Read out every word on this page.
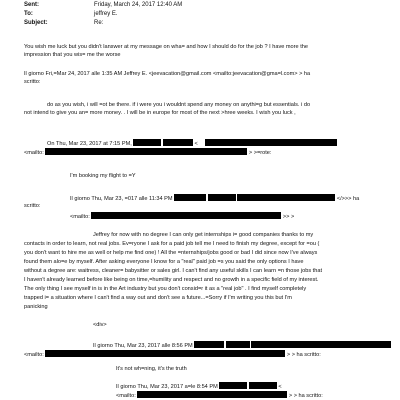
Sent:	Friday, March 24, 2017 12:40 AM
To:	jeffrey E.
Subject:	Re:
You wish me luck but you didn't lanswer at my message on wha= and how I should do for the job ? I have more the
impression that you wis= me the worse
Il giorno Fri,=Mar 24, 2017 alle 1:35 AM Jeffrey E. <jeevacation@gmail.com <mailto:jeevacation@gma=l.com> > ha
scritto:
do as you wish, i will =ot be there. if i were you i wouldnt spend any money on anythi=g but essentials. i do
not intend to give you an= more money. . I will be in europe for most of the next >hree weeks. I wish you luck ,
On Thu, Mar 23, 2017 at 7:15 PM,	<
<mailto:	> >=rote:
I'm booking my flight to =Y
Il giorno Thu, Mar 23, =017 alle 11:34 PM	</>>> ha
scritto:
<mailto:	>> >
Jeffrey for now with no degree I can only get internships i= good companies thanks to my
contacts in order to learn, not real jobs. Ev=ryone I ask for a paid job tell me I need to finish my degree, except for =ou (
you don't want to hire me as well or help me find one) ! All the =nternships/jobs good or bad I did since now I've always
found them alo=e by myself. After asking everyone I know for a "real" paid job =s you said the only options I have
without a degree are: waitress, cleaner= babysitter or sales girl. I can't find any useful skills I can learn =n those jobs that
I haven't already learned before like being on time,=humility and respect and no growth in a specific field of my interest.
The only thing I see myself in is in the Art industry but you don't consid=r it as a "real job" . I find myself completely
trapped i= a situation where I can't find a way out and don't see a future...=Sorry if I'm writing you this but I'm
panicking
<div>
Il giorno Thu, Mar 23, 2017 alle 8:56 PM
<mailto:	> > ha scritto:
It's not wh=ning, it's the truth
Il giorno Thu, Mar 23, 2017 a=le 8:54 PM	<
<mailto:	> > ha scritto:
